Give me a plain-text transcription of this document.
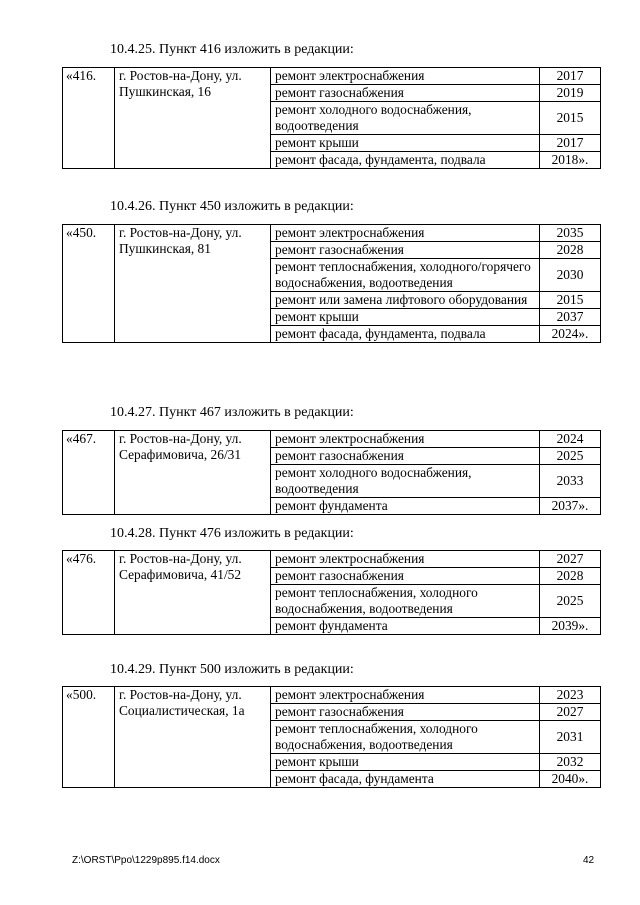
10.4.25. Пункт 416 изложить в редакции:
«416.	г. Ростов-на-Дону, ул. Пушкинская, 16	ремонт электроснабжения	2017
		ремонт газоснабжения	2019
		ремонт холодного водоснабжения, водоотведения	2015
		ремонт крыши	2017
		ремонт фасада, фундамента, подвала	2018».
10.4.26. Пункт 450 изложить в редакции:
«450.	г. Ростов-на-Дону, ул. Пушкинская, 81	ремонт электроснабжения	2035
		ремонт газоснабжения	2028
		ремонт теплоснабжения, холодного/горячего водоснабжения, водоотведения	2030
		ремонт или замена лифтового оборудования	2015
		ремонт крыши	2037
		ремонт фасада, фундамента, подвала	2024».
10.4.27. Пункт 467 изложить в редакции:
«467.	г. Ростов-на-Дону, ул. Серафимовича, 26/31	ремонт электроснабжения	2024
		ремонт газоснабжения	2025
		ремонт холодного водоснабжения, водоотведения	2033
		ремонт фундамента	2037».
10.4.28. Пункт 476 изложить в редакции:
«476.	г. Ростов-на-Дону, ул. Серафимовича, 41/52	ремонт электроснабжения	2027
		ремонт газоснабжения	2028
		ремонт теплоснабжения, холодного водоснабжения, водоотведения	2025
		ремонт фундамента	2039».
10.4.29. Пункт 500 изложить в редакции:
«500.	г. Ростов-на-Дону, ул. Социалистическая, 1а	ремонт электроснабжения	2023
		ремонт газоснабжения	2027
		ремонт теплоснабжения, холодного водоснабжения, водоотведения	2031
		ремонт крыши	2032
		ремонт фасада, фундамента	2040».
Z:\ORST\Ppo\1229p895.f14.docx	42
